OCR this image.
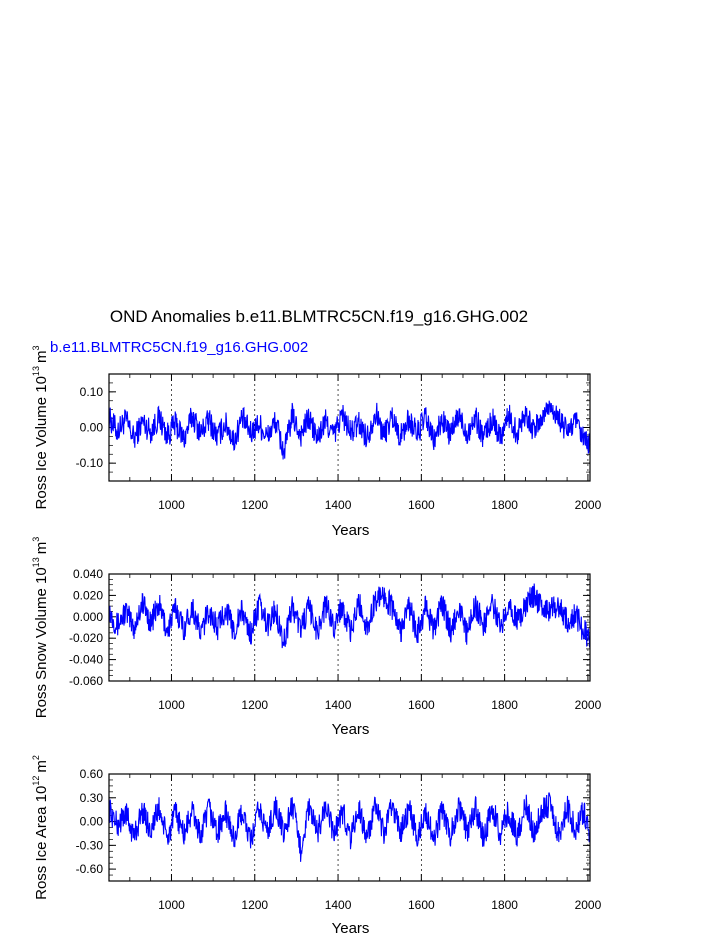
OND Anomalies b.e11.BLMTRC5CN.f19_g16.GHG.002
b.e11.BLMTRC5CN.f19_g16.GHG.002
1000	1200	1400	1600	1800	2000
0.10
0.00
-0.10
Years
Ross Ice Volume $10^{13}m^3$
1000	1200	1400	1600	1800	2000
0.040
0.020
0.000
-0.020
-0.040
-0.060
Years
Ross Snow Volume $10^{13}m^3$
1000	1200	1400	1600	1800	2000
0.60
0.30
0.00
-0.30
-0.60
Years
Ross Ice Area $10^{12}m^2$
